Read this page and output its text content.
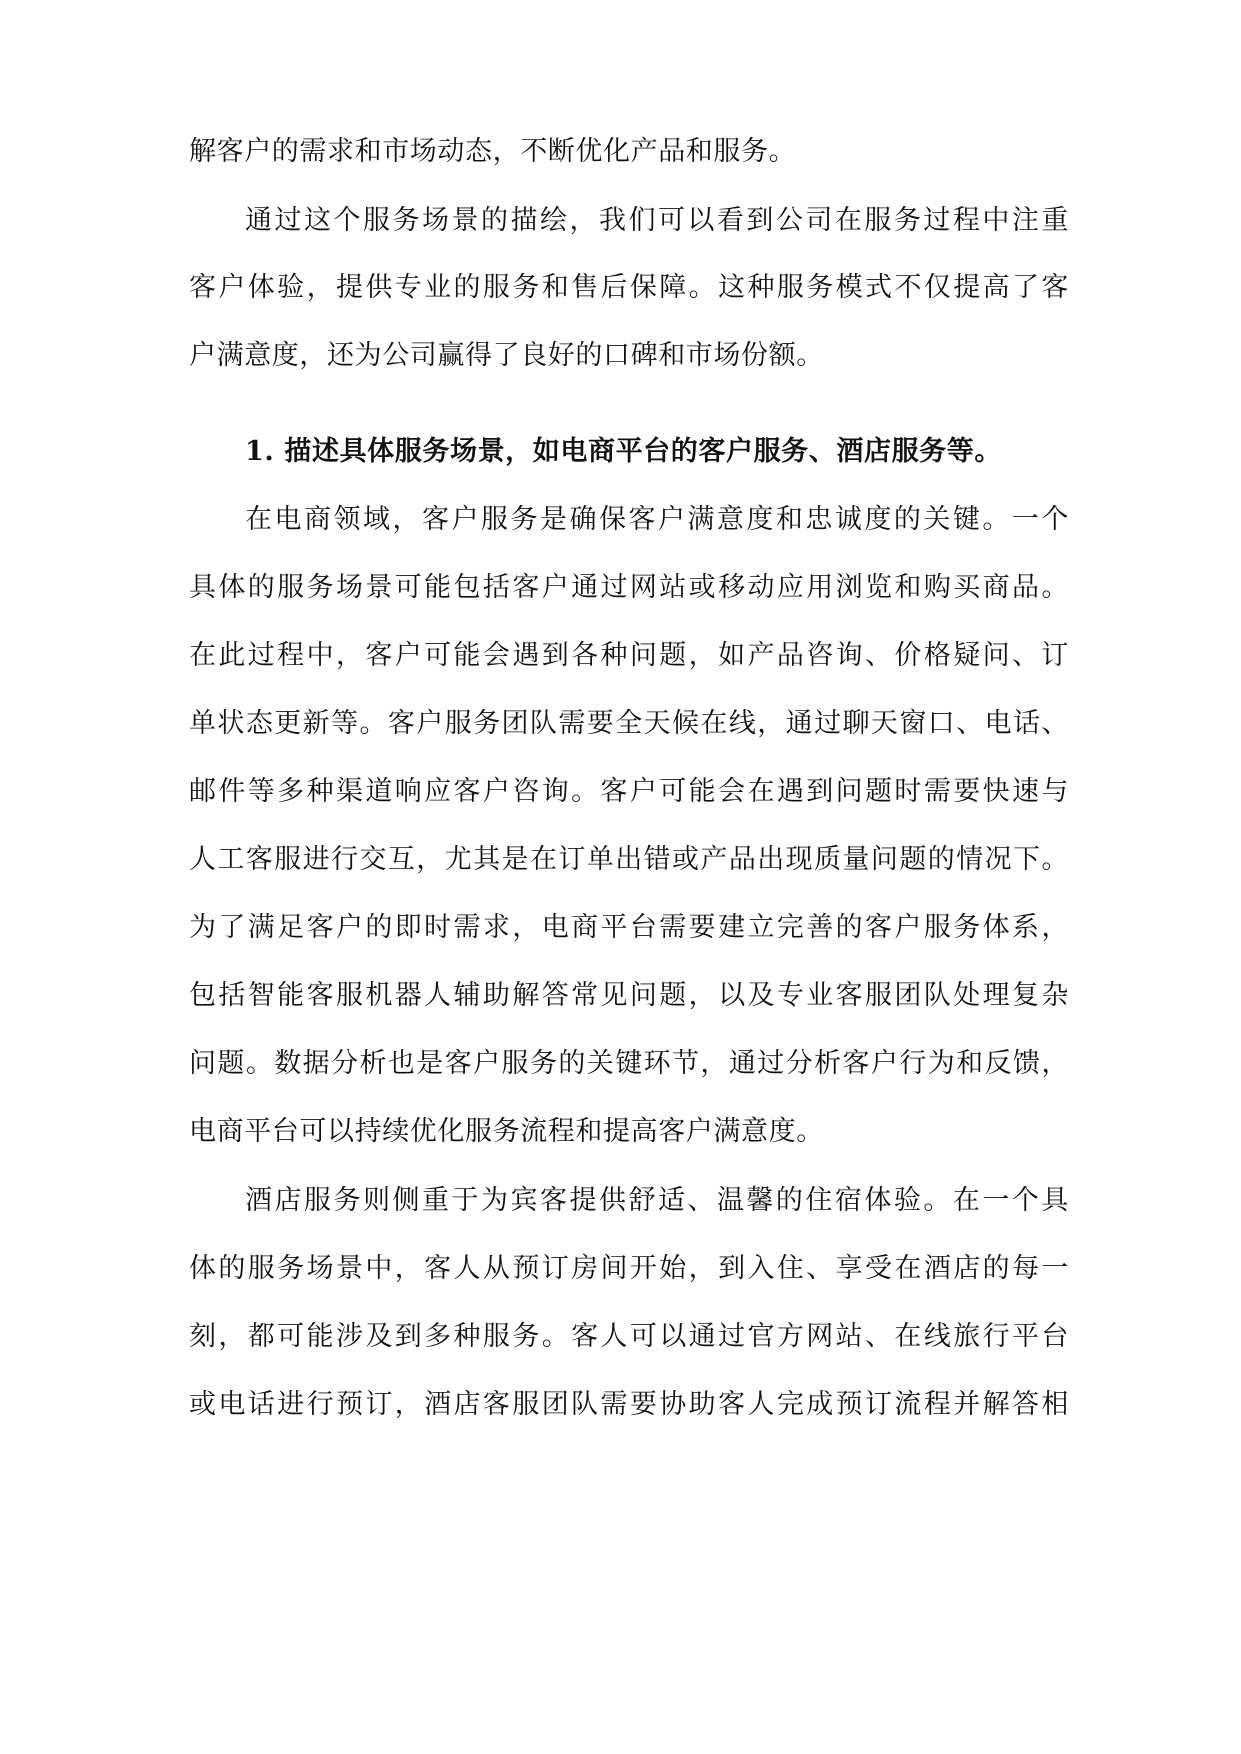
解客户的需求和市场动态，不断优化产品和服务。
通过这个服务场景的描绘，我们可以看到公司在服务过程中注重
客户体验，提供专业的服务和售后保障。这种服务模式不仅提高了客
户满意度，还为公司赢得了良好的口碑和市场份额。
1. 描述具体服务场景，如电商平台的客户服务、酒店服务等。
在电商领域，客户服务是确保客户满意度和忠诚度的关键。一个
具体的服务场景可能包括客户通过网站或移动应用浏览和购买商品。
在此过程中，客户可能会遇到各种问题，如产品咨询、价格疑问、订
单状态更新等。客户服务团队需要全天候在线，通过聊天窗口、电话、
邮件等多种渠道响应客户咨询。客户可能会在遇到问题时需要快速与
人工客服进行交互，尤其是在订单出错或产品出现质量问题的情况下。
为了满足客户的即时需求，电商平台需要建立完善的客户服务体系，
包括智能客服机器人辅助解答常见问题，以及专业客服团队处理复杂
问题。数据分析也是客户服务的关键环节，通过分析客户行为和反馈，
电商平台可以持续优化服务流程和提高客户满意度。
酒店服务则侧重于为宾客提供舒适、温馨的住宿体验。在一个具
体的服务场景中，客人从预订房间开始，到入住、享受在酒店的每一
刻，都可能涉及到多种服务。客人可以通过官方网站、在线旅行平台
或电话进行预订，酒店客服团队需要协助客人完成预订流程并解答相
